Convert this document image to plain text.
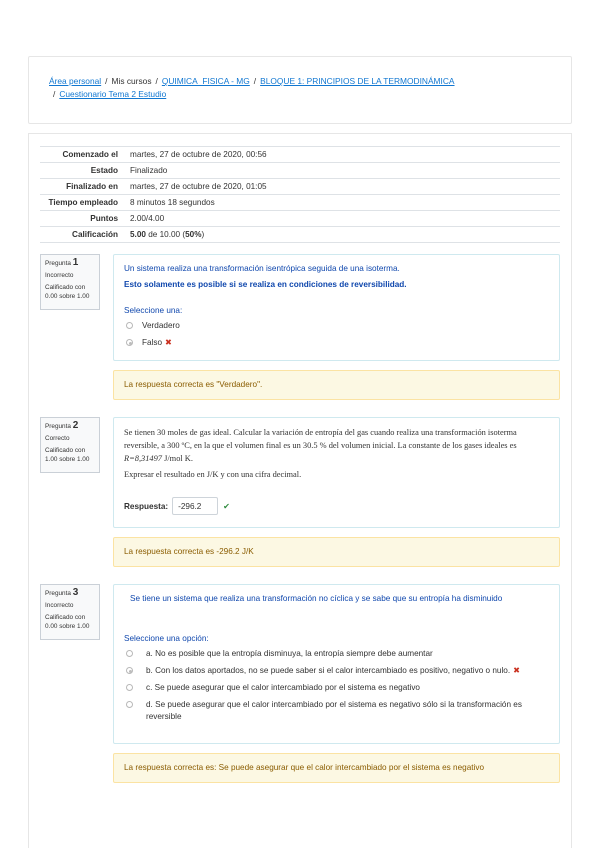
Área personal / Mis cursos / QUIMICA_FISICA - MG / BLOQUE 1: PRINCIPIOS DE LA TERMODINÁMICA
/ Cuestionario Tema 2 Estudio
Comenzado el	martes, 27 de octubre de 2020, 00:56
Estado	Finalizado
Finalizado en	martes, 27 de octubre de 2020, 01:05
Tiempo empleado	8 minutos 18 segundos
Puntos	2.00/4.00
Calificación	5.00 de 10.00 (50%)
Pregunta 1
Incorrecto
Calificado con 0.00 sobre 1.00
Un sistema realiza una transformación isentrópica seguida de una isoterma.
Esto solamente es posible si se realiza en condiciones de reversibilidad.
Seleccione una:
Verdadero
Falso ✖
La respuesta correcta es "Verdadero".
Pregunta 2
Correcto
Calificado con 1.00 sobre 1.00
Se tienen 30 moles de gas ideal. Calcular la variación de entropía del gas cuando realiza una transformación isoterma reversible, a 300 ºC, en la que el volumen final es un 30.5 % del volumen inicial. La constante de los gases ideales es
R=8,31497 J/mol K.
Expresar el resultado en J/K y con una cifra decimal.
Respuesta:
-296.2	✔
La respuesta correcta es -296.2 J/K
Pregunta 3
Incorrecto
Calificado con 0.00 sobre 1.00
Se tiene un sistema que realiza una transformación no cíclica y se sabe que su entropía ha disminuido
Seleccione una opción:
a. No es posible que la entropía disminuya, la entropía siempre debe aumentar
b. Con los datos aportados, no se puede saber si el calor intercambiado es positivo, negativo o nulo. ✖
c. Se puede asegurar que el calor intercambiado por el sistema es negativo
d. Se puede asegurar que el calor intercambiado por el sistema es negativo sólo si la transformación es reversible
La respuesta correcta es: Se puede asegurar que el calor intercambiado por el sistema es negativo
